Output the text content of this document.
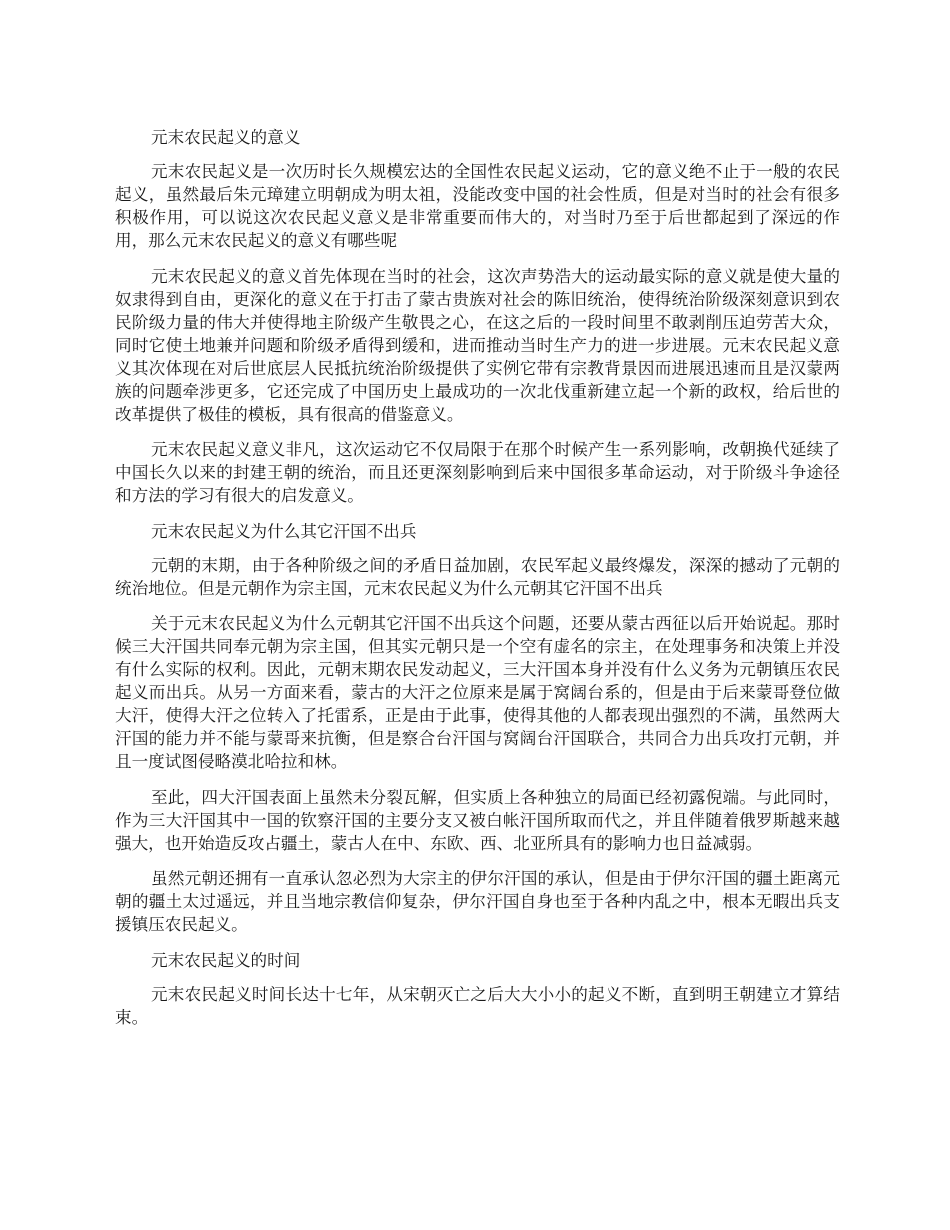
元末农民起义的意义

元末农民起义是一次历时长久规模宏达的全国性农民起义运动，它的意义绝不止于一般的农民起义，虽然最后朱元璋建立明朝成为明太祖，没能改变中国的社会性质，但是对当时的社会有很多积极作用，可以说这次农民起义意义是非常重要而伟大的，对当时乃至于后世都起到了深远的作用，那么元末农民起义的意义有哪些呢

元末农民起义的意义首先体现在当时的社会，这次声势浩大的运动最实际的意义就是使大量的奴隶得到自由，更深化的意义在于打击了蒙古贵族对社会的陈旧统治，使得统治阶级深刻意识到农民阶级力量的伟大并使得地主阶级产生敬畏之心，在这之后的一段时间里不敢剥削压迫劳苦大众，同时它使土地兼并问题和阶级矛盾得到缓和，进而推动当时生产力的进一步进展。元末农民起义意义其次体现在对后世底层人民抵抗统治阶级提供了实例它带有宗教背景因而进展迅速而且是汉蒙两族的问题牵涉更多，它还完成了中国历史上最成功的一次北伐重新建立起一个新的政权，给后世的改革提供了极佳的模板，具有很高的借鉴意义。

元末农民起义意义非凡，这次运动它不仅局限于在那个时候产生一系列影响，改朝换代延续了中国长久以来的封建王朝的统治，而且还更深刻影响到后来中国很多革命运动，对于阶级斗争途径和方法的学习有很大的启发意义。

元末农民起义为什么其它汗国不出兵

元朝的末期，由于各种阶级之间的矛盾日益加剧，农民军起义最终爆发，深深的撼动了元朝的统治地位。但是元朝作为宗主国，元末农民起义为什么元朝其它汗国不出兵

关于元末农民起义为什么元朝其它汗国不出兵这个问题，还要从蒙古西征以后开始说起。那时候三大汗国共同奉元朝为宗主国，但其实元朝只是一个空有虚名的宗主，在处理事务和决策上并没有什么实际的权利。因此，元朝末期农民发动起义，三大汗国本身并没有什么义务为元朝镇压农民起义而出兵。从另一方面来看，蒙古的大汗之位原来是属于窝阔台系的，但是由于后来蒙哥登位做大汗，使得大汗之位转入了托雷系，正是由于此事，使得其他的人都表现出强烈的不满，虽然两大汗国的能力并不能与蒙哥来抗衡，但是察合台汗国与窝阔台汗国联合，共同合力出兵攻打元朝，并且一度试图侵略漠北哈拉和林。

至此，四大汗国表面上虽然未分裂瓦解，但实质上各种独立的局面已经初露倪端。与此同时，作为三大汗国其中一国的钦察汗国的主要分支又被白帐汗国所取而代之，并且伴随着俄罗斯越来越强大，也开始造反攻占疆土，蒙古人在中、东欧、西、北亚所具有的影响力也日益减弱。

虽然元朝还拥有一直承认忽必烈为大宗主的伊尔汗国的承认，但是由于伊尔汗国的疆土距离元朝的疆土太过遥远，并且当地宗教信仰复杂，伊尔汗国自身也至于各种内乱之中，根本无暇出兵支援镇压农民起义。

元末农民起义的时间

元末农民起义时间长达十七年，从宋朝灭亡之后大大小小的起义不断，直到明王朝建立才算结束。
